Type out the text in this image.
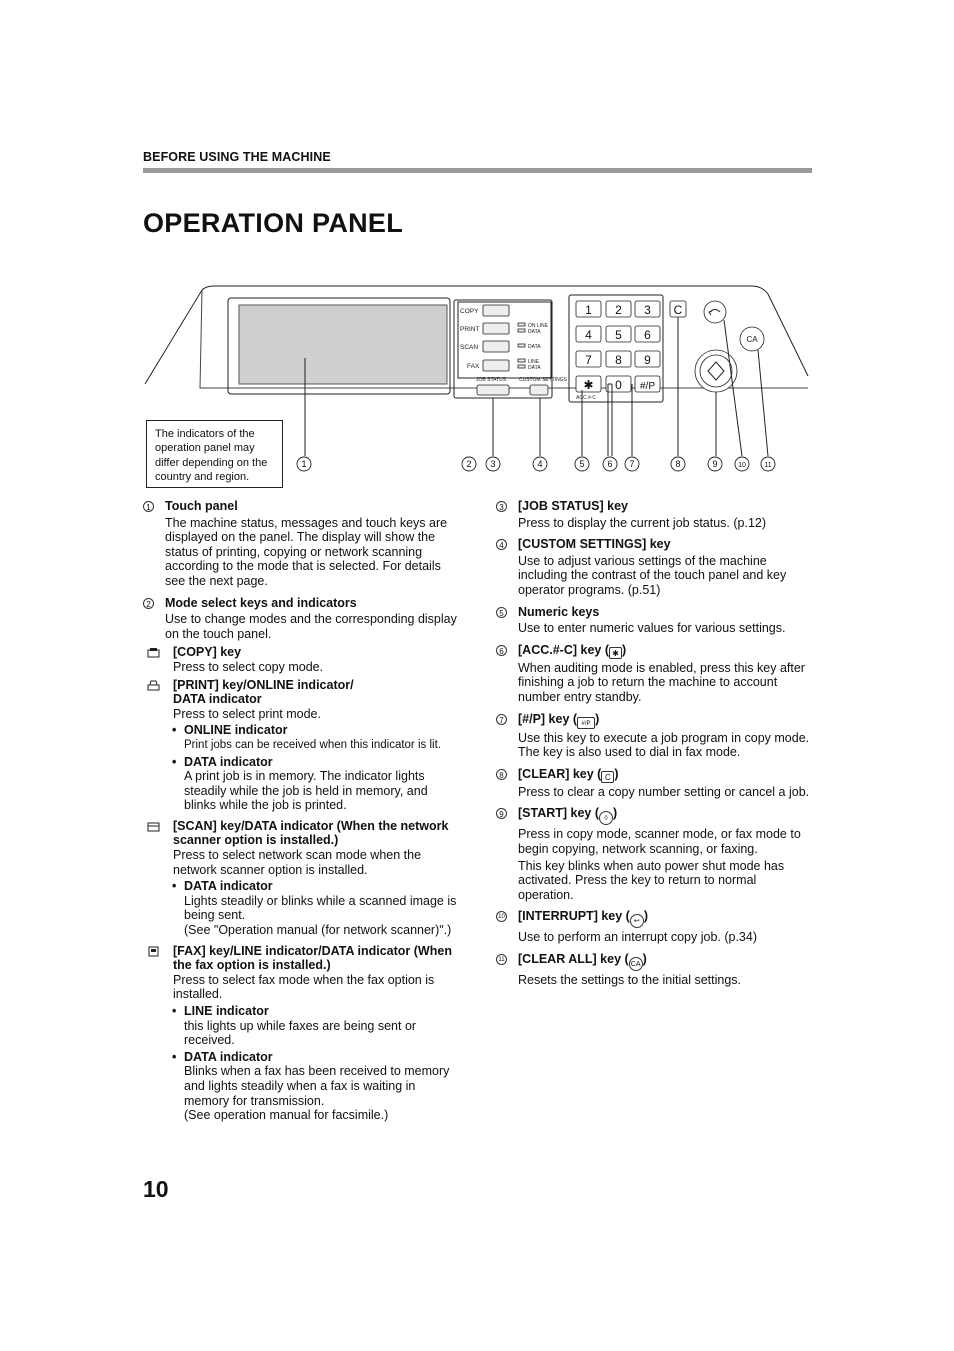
BEFORE USING THE MACHINE
OPERATION PANEL
COPY
PRINT
SCAN
FAX
ON LINE
DATA
DATA
LINE
DATA
JOB STATUS	CUSTOM SETTINGS
ACC.#-C
1 2 3
4 5 6
7 8 9
✱ 0 #/P
C
CA
1	2 3	4	5	6 7	8	9	10	11
The indicators of the
operation panel may
differ depending on the
country and region.
1 Touch panel
The machine status, messages and touch keys are displayed on the panel. The display will show the status of printing, copying or network scanning according to the mode that is selected. For details see the next page.
2 Mode select keys and indicators
Use to change modes and the corresponding display on the touch panel.
[COPY] key
Press to select copy mode.
[PRINT] key/ONLINE indicator/
DATA indicator
Press to select print mode.
• ONLINE indicator
Print jobs can be received when this indicator is lit.
• DATA indicator
A print job is in memory. The indicator lights steadily while the job is held in memory, and blinks while the job is printed.
[SCAN] key/DATA indicator (When the network scanner option is installed.)
Press to select network scan mode when the network scanner option is installed.
• DATA indicator
Lights steadily or blinks while a scanned image is being sent.
(See "Operation manual (for network scanner)".)
[FAX] key/LINE indicator/DATA indicator (When the fax option is installed.)
Press to select fax mode when the fax option is installed.
• LINE indicator
this lights up while faxes are being sent or received.
• DATA indicator
Blinks when a fax has been received to memory and lights steadily when a fax is waiting in memory for transmission.
(See operation manual for facsimile.)
3 [JOB STATUS] key
Press to display the current job status. (p.12)
4 [CUSTOM SETTINGS] key
Use to adjust various settings of the machine including the contrast of the touch panel and key operator programs. (p.51)
5 Numeric keys
Use to enter numeric values for various settings.
6 [ACC.#-C] key ( ✱ )
When auditing mode is enabled, press this key after finishing a job to return the machine to account number entry standby.
7 [#/P] key ( #/P )
Use this key to execute a job program in copy mode.
The key is also used to dial in fax mode.
8 [CLEAR] key ( C )
Press to clear a copy number setting or cancel a job.
9 [START] key ( ◊ )
Press in copy mode, scanner mode, or fax mode to begin copying, network scanning, or faxing.
This key blinks when auto power shut mode has activated. Press the key to return to normal operation.
10 [INTERRUPT] key ( ↩ )
Use to perform an interrupt copy job. (p.34)
11 [CLEAR ALL] key ( CA )
Resets the settings to the initial settings.
10
